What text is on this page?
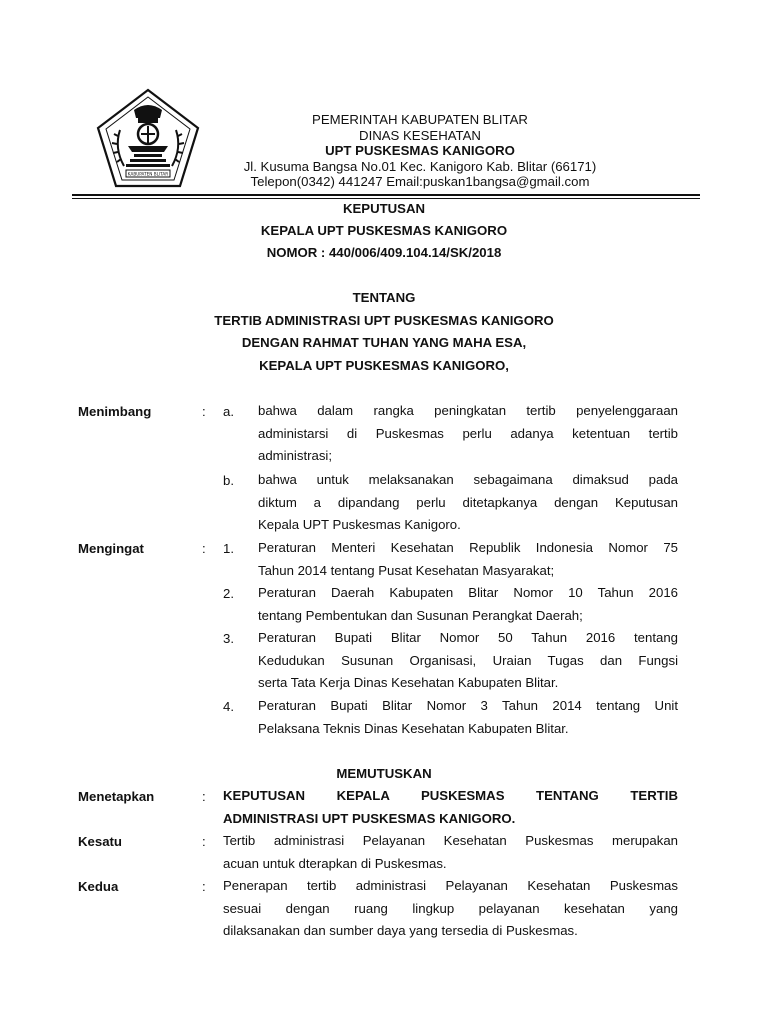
KABUPATEN BLITAR
PEMERINTAH KABUPATEN BLITAR
DINAS KESEHATAN
UPT PUSKESMAS KANIGORO
Jl. Kusuma Bangsa No.01 Kec. Kanigoro Kab. Blitar (66171)
Telepon(0342) 441247 Email:puskan1bangsa@gmail.com
KEPUTUSAN
KEPALA UPT PUSKESMAS KANIGORO
NOMOR : 440/006/409.104.14/SK/2018
TENTANG
TERTIB ADMINISTRASI UPT PUSKESMAS KANIGORO
DENGAN RAHMAT TUHAN YANG MAHA ESA,
KEPALA UPT PUSKESMAS KANIGORO,
Menimbang	: a. bahwa dalam rangka peningkatan tertib penyelenggaraan
administarsi di Puskesmas perlu adanya ketentuan tertib
administrasi;
b. bahwa untuk melaksanakan sebagaimana dimaksud pada
diktum a dipandang perlu ditetapkanya dengan Keputusan
Kepala UPT Puskesmas Kanigoro.
Mengingat	: 1. Peraturan Menteri Kesehatan Republik Indonesia Nomor 75
Tahun 2014 tentang Pusat Kesehatan Masyarakat;
2. Peraturan Daerah Kabupaten Blitar Nomor 10 Tahun 2016
tentang Pembentukan dan Susunan Perangkat Daerah;
3. Peraturan Bupati Blitar Nomor 50 Tahun 2016 tentang
Kedudukan Susunan Organisasi, Uraian Tugas dan Fungsi
serta Tata Kerja Dinas Kesehatan Kabupaten Blitar.
4. Peraturan Bupati Blitar Nomor 3 Tahun 2014 tentang Unit
Pelaksana Teknis Dinas Kesehatan Kabupaten Blitar.
MEMUTUSKAN
Menetapkan	: KEPUTUSAN KEPALA PUSKESMAS TENTANG TERTIB
ADMINISTRASI UPT PUSKESMAS KANIGORO.
Kesatu	: Tertib administrasi Pelayanan Kesehatan Puskesmas merupakan
acuan untuk dterapkan di Puskesmas.
Kedua	: Penerapan tertib administrasi Pelayanan Kesehatan Puskesmas
sesuai dengan ruang lingkup pelayanan kesehatan yang
dilaksanakan dan sumber daya yang tersedia di Puskesmas.
